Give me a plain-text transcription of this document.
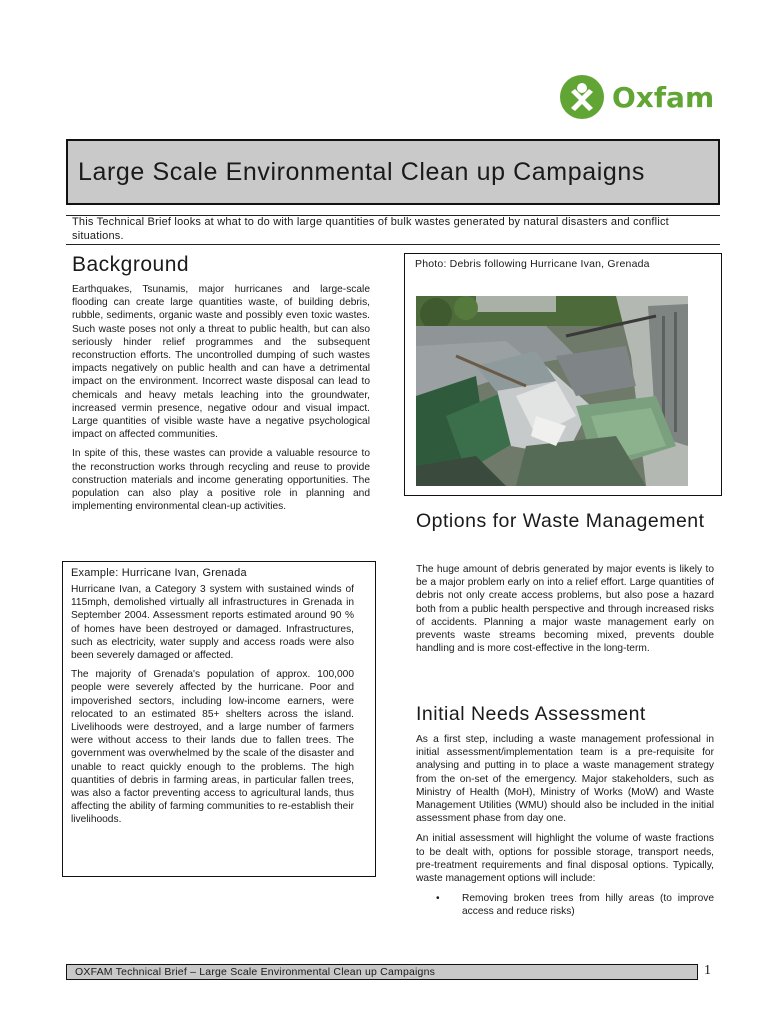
Oxfam
Large Scale Environmental Clean up Campaigns
This Technical Brief looks at what to do with large quantities of bulk wastes generated by natural disasters and conflict situations.
Background

Earthquakes, Tsunamis, major hurricanes and large-scale flooding can create large quantities waste, of building debris, rubble, sediments, organic waste and possibly even toxic wastes. Such waste poses not only a threat to public health, but can also seriously hinder relief programmes and the subsequent reconstruction efforts. The uncontrolled dumping of such wastes impacts negatively on public health and can have a detrimental impact on the environment. Incorrect waste disposal can lead to chemicals and heavy metals leaching into the groundwater, increased vermin presence, negative odour and visual impact. Large quantities of visible waste have a negative psychological impact on affected communities.

In spite of this, these wastes can provide a valuable resource to the reconstruction works through recycling and reuse to provide construction materials and income generating opportunities. The population can also play a positive role in planning and implementing environmental clean-up activities.

Photo: Debris following Hurricane Ivan, Grenada
Example: Hurricane Ivan, Grenada

Hurricane Ivan, a Category 3 system with sustained winds of 115mph, demolished virtually all infrastructures in Grenada in September 2004. Assessment reports estimated around 90 % of homes have been destroyed or damaged. Infrastructures, such as electricity, water supply and access roads were also been severely damaged or affected.

The majority of Grenada's population of approx. 100,000 people were severely affected by the hurricane. Poor and impoverished sectors, including low-income earners, were relocated to an estimated 85+ shelters across the island. Livelihoods were destroyed, and a large number of farmers were without access to their lands due to fallen trees. The government was overwhelmed by the scale of the disaster and unable to react quickly enough to the problems. The high quantities of debris in farming areas, in particular fallen trees, was also a factor preventing access to agricultural lands, thus affecting the ability of farming communities to re-establish their livelihoods.

Options for Waste Management
The huge amount of debris generated by major events is likely to be a major problem early on into a relief effort. Large quantities of debris not only create access problems, but also pose a hazard both from a public health perspective and through increased risks of accidents. Planning a major waste management early on prevents waste streams becoming mixed, prevents double handling and is more cost-effective in the long-term.
Initial Needs Assessment

As a first step, including a waste management professional in initial assessment/implementation team is a pre-requisite for analysing and putting in to place a waste management strategy from the on-set of the emergency. Major stakeholders, such as Ministry of Health (MoH), Ministry of Works (MoW) and Waste Management Utilities (WMU) should also be included in the initial assessment phase from day one.

An initial assessment will highlight the volume of waste fractions to be dealt with, options for possible storage, transport needs, pre-treatment requirements and final disposal options. Typically, waste management options will include:

• Removing broken trees from hilly areas (to improve access and reduce risks)
OXFAM Technical Brief – Large Scale Environmental Clean up Campaigns	1
